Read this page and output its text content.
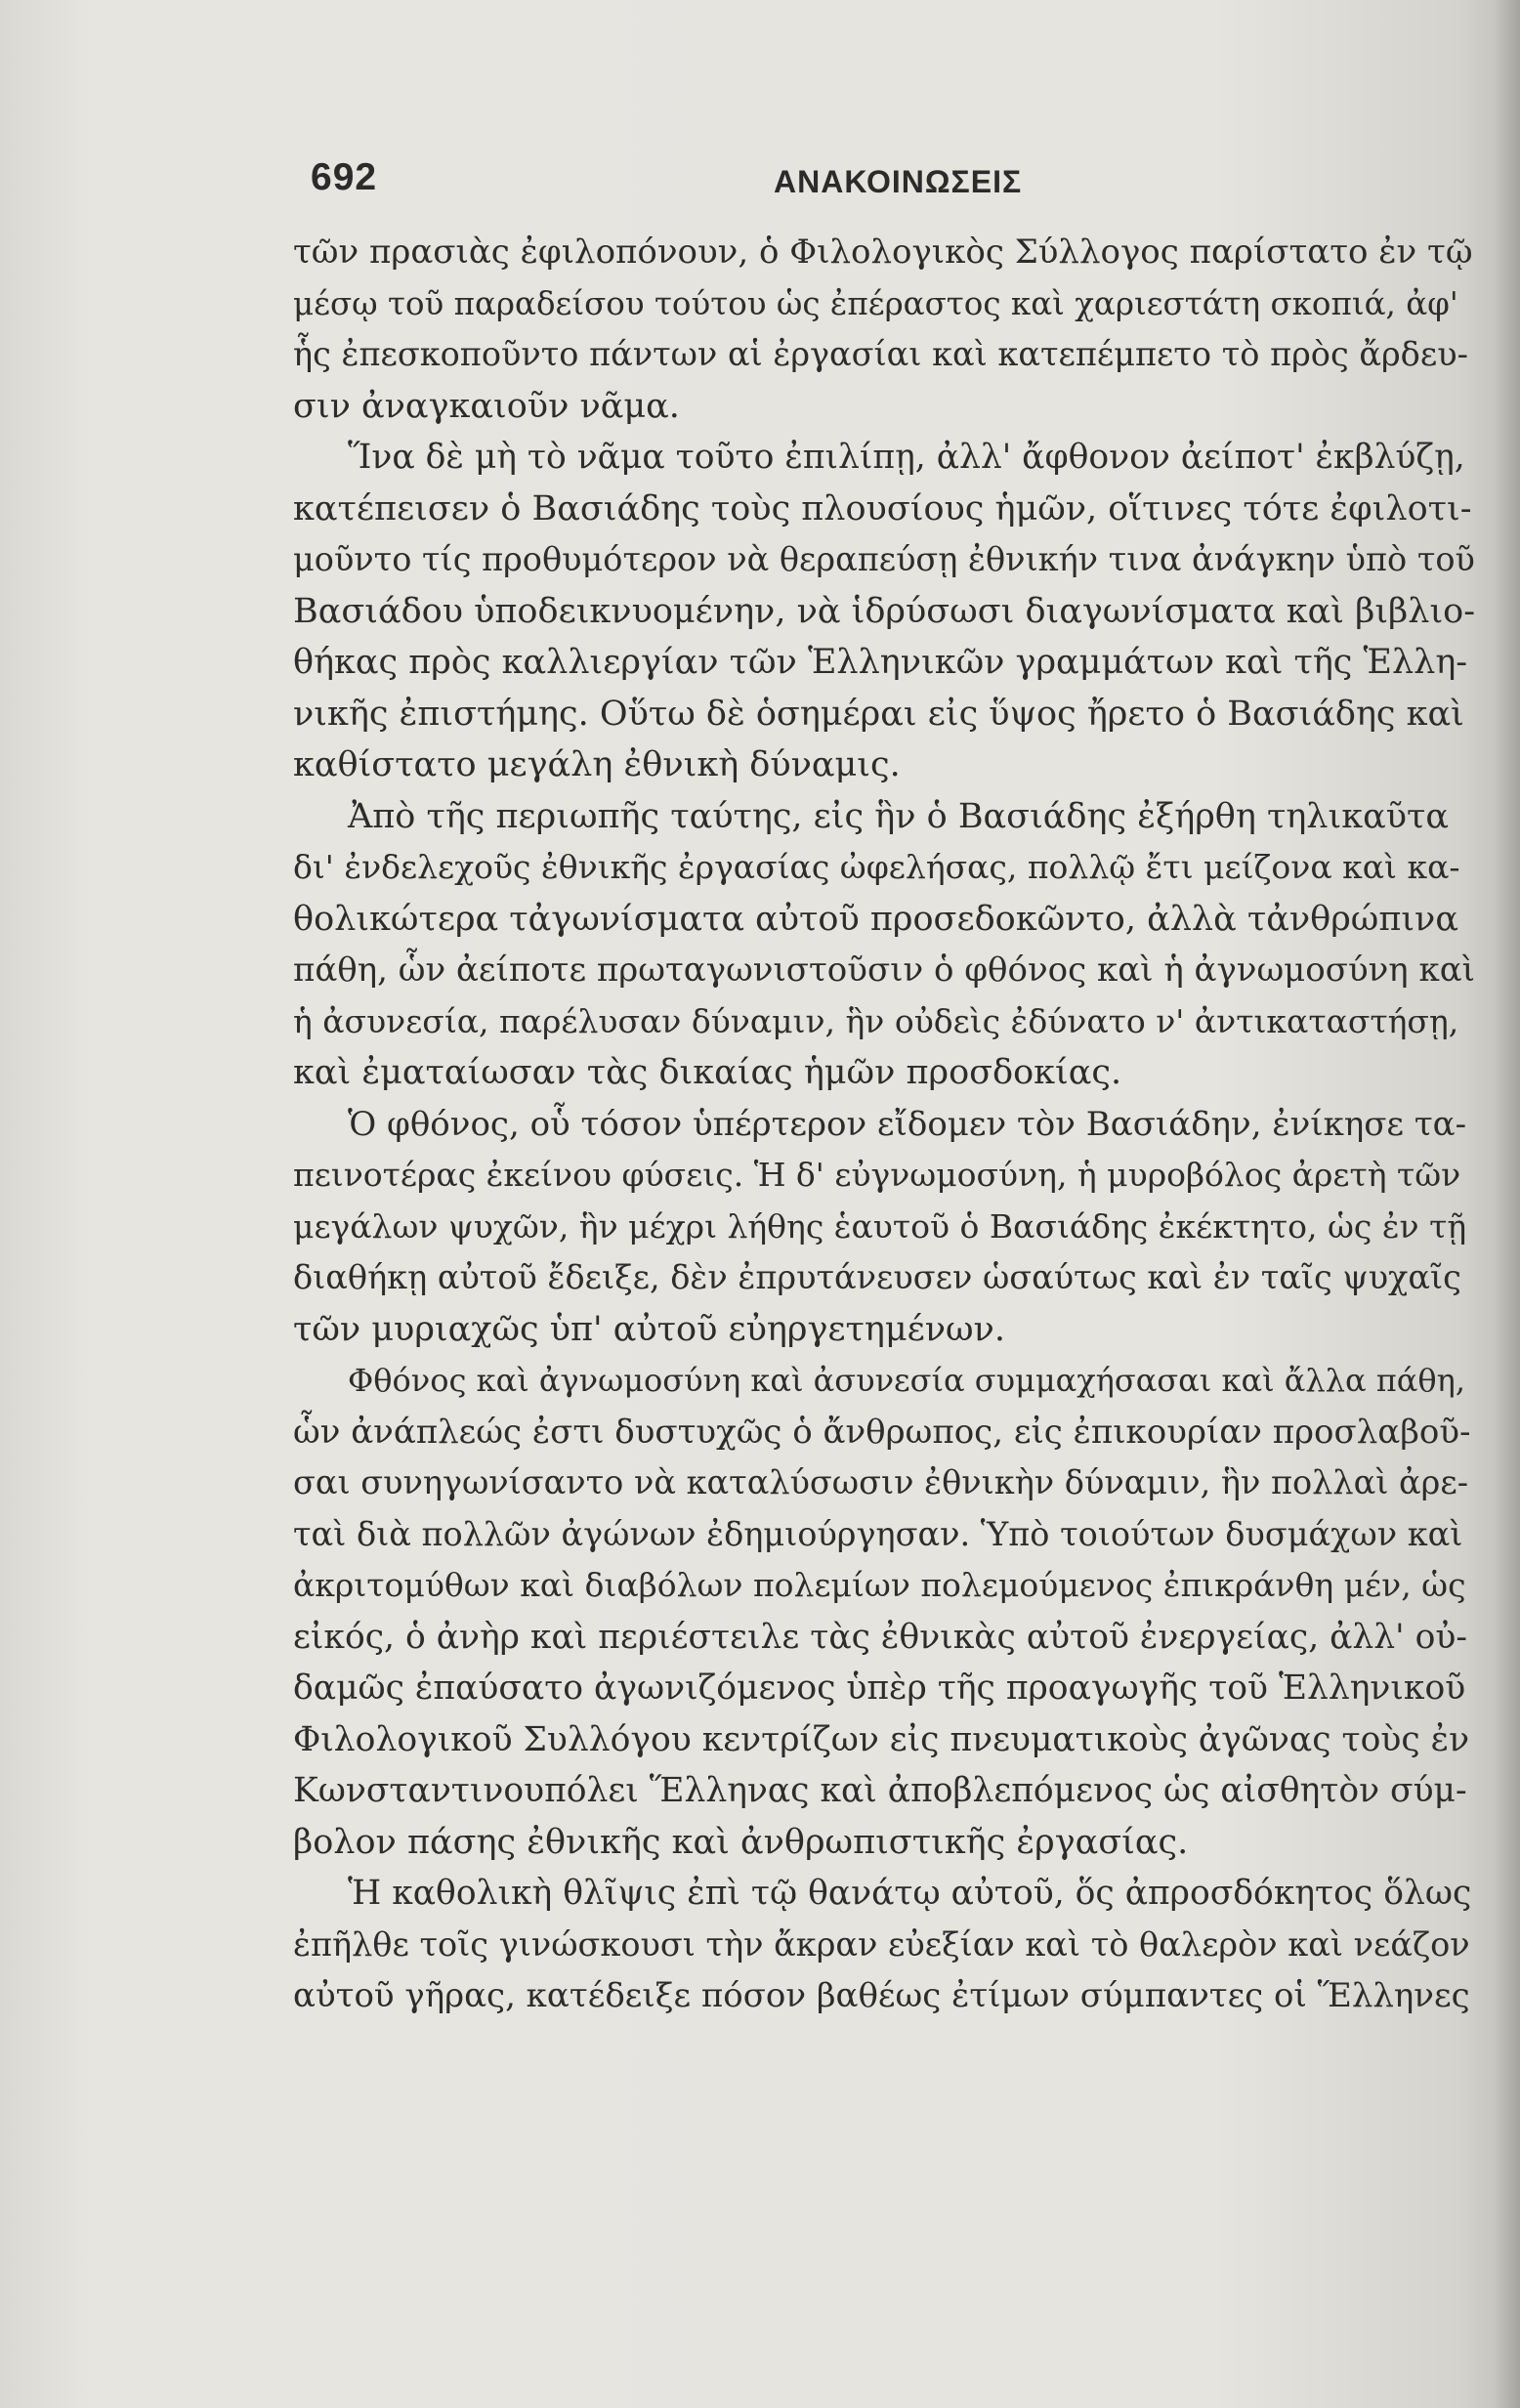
692	ΑΝΑΚΟΙΝΩΣΕΙΣ
τῶν πρασιὰς ἐφιλοπόνουν, ὁ Φιλολογικὸς Σύλλογος παρίστατο ἐν τῷ
μέσῳ τοῦ παραδείσου τούτου ὡς ἐπέραστος καὶ χαριεστάτη σκοπιά, ἀφ'
ἧς ἐπεσκοποῦντο πάντων αἱ ἐργασίαι καὶ κατεπέμπετο τὸ πρὸς ἄρδευ-
σιν ἀναγκαιοῦν νᾶμα.
Ἵνα δὲ μὴ τὸ νᾶμα τοῦτο ἐπιλίπῃ, ἀλλ' ἄφθονον ἀείποτ' ἐκβλύζῃ,
κατέπεισεν ὁ Βασιάδης τοὺς πλουσίους ἡμῶν, οἵτινες τότε ἐφιλοτι-
μοῦντο τίς προθυμότερον νὰ θεραπεύσῃ ἐθνικήν τινα ἀνάγκην ὑπὸ τοῦ
Βασιάδου ὑποδεικνυομένην, νὰ ἱδρύσωσι διαγωνίσματα καὶ βιβλιο-
θήκας πρὸς καλλιεργίαν τῶν Ἑλληνικῶν γραμμάτων καὶ τῆς Ἑλλη-
νικῆς ἐπιστήμης. Οὕτω δὲ ὁσημέραι εἰς ὕψος ἤρετο ὁ Βασιάδης καὶ
καθίστατο μεγάλη ἐθνικὴ δύναμις.
Ἀπὸ τῆς περιωπῆς ταύτης, εἰς ἣν ὁ Βασιάδης ἐξήρθη τηλικαῦτα
δι' ἐνδελεχοῦς ἐθνικῆς ἐργασίας ὠφελήσας, πολλῷ ἔτι μείζονα καὶ κα-
θολικώτερα τἀγωνίσματα αὐτοῦ προσεδοκῶντο, ἀλλὰ τἀνθρώπινα
πάθη, ὧν ἀείποτε πρωταγωνιστοῦσιν ὁ φθόνος καὶ ἡ ἀγνωμοσύνη καὶ
ἡ ἀσυνεσία, παρέλυσαν δύναμιν, ἣν οὐδεὶς ἐδύνατο ν' ἀντικαταστήσῃ,
καὶ ἐματαίωσαν τὰς δικαίας ἡμῶν προσδοκίας.
Ὁ φθόνος, οὗ τόσον ὑπέρτερον εἴδομεν τὸν Βασιάδην, ἐνίκησε τα-
πεινοτέρας ἐκείνου φύσεις. Ἡ δ' εὐγνωμοσύνη, ἡ μυροβόλος ἀρετὴ τῶν
μεγάλων ψυχῶν, ἣν μέχρι λήθης ἑαυτοῦ ὁ Βασιάδης ἐκέκτητο, ὡς ἐν τῇ
διαθήκῃ αὐτοῦ ἔδειξε, δὲν ἐπρυτάνευσεν ὡσαύτως καὶ ἐν ταῖς ψυχαῖς
τῶν μυριαχῶς ὑπ' αὐτοῦ εὐηργετημένων.
Φθόνος καὶ ἀγνωμοσύνη καὶ ἀσυνεσία συμμαχήσασαι καὶ ἄλλα πάθη,
ὧν ἀνάπλεώς ἐστι δυστυχῶς ὁ ἄνθρωπος, εἰς ἐπικουρίαν προσλαβοῦ-
σαι συνηγωνίσαντο νὰ καταλύσωσιν ἐθνικὴν δύναμιν, ἣν πολλαὶ ἀρε-
ταὶ διὰ πολλῶν ἀγώνων ἐδημιούργησαν. Ὑπὸ τοιούτων δυσμάχων καὶ
ἀκριτομύθων καὶ διαβόλων πολεμίων πολεμούμενος ἐπικράνθη μέν, ὡς
εἰκός, ὁ ἀνὴρ καὶ περιέστειλε τὰς ἐθνικὰς αὐτοῦ ἐνεργείας, ἀλλ' οὐ-
δαμῶς ἐπαύσατο ἀγωνιζόμενος ὑπὲρ τῆς προαγωγῆς τοῦ Ἑλληνικοῦ
Φιλολογικοῦ Συλλόγου κεντρίζων εἰς πνευματικοὺς ἀγῶνας τοὺς ἐν
Κωνσταντινουπόλει Ἕλληνας καὶ ἀποβλεπόμενος ὡς αἰσθητὸν σύμ-
βολον πάσης ἐθνικῆς καὶ ἀνθρωπιστικῆς ἐργασίας.
Ἡ καθολικὴ θλῖψις ἐπὶ τῷ θανάτῳ αὐτοῦ, ὅς ἀπροσδόκητος ὅλως
ἐπῆλθε τοῖς γινώσκουσι τὴν ἄκραν εὐεξίαν καὶ τὸ θαλερὸν καὶ νεάζον
αὐτοῦ γῆρας, κατέδειξε πόσον βαθέως ἐτίμων σύμπαντες οἱ Ἕλληνες
